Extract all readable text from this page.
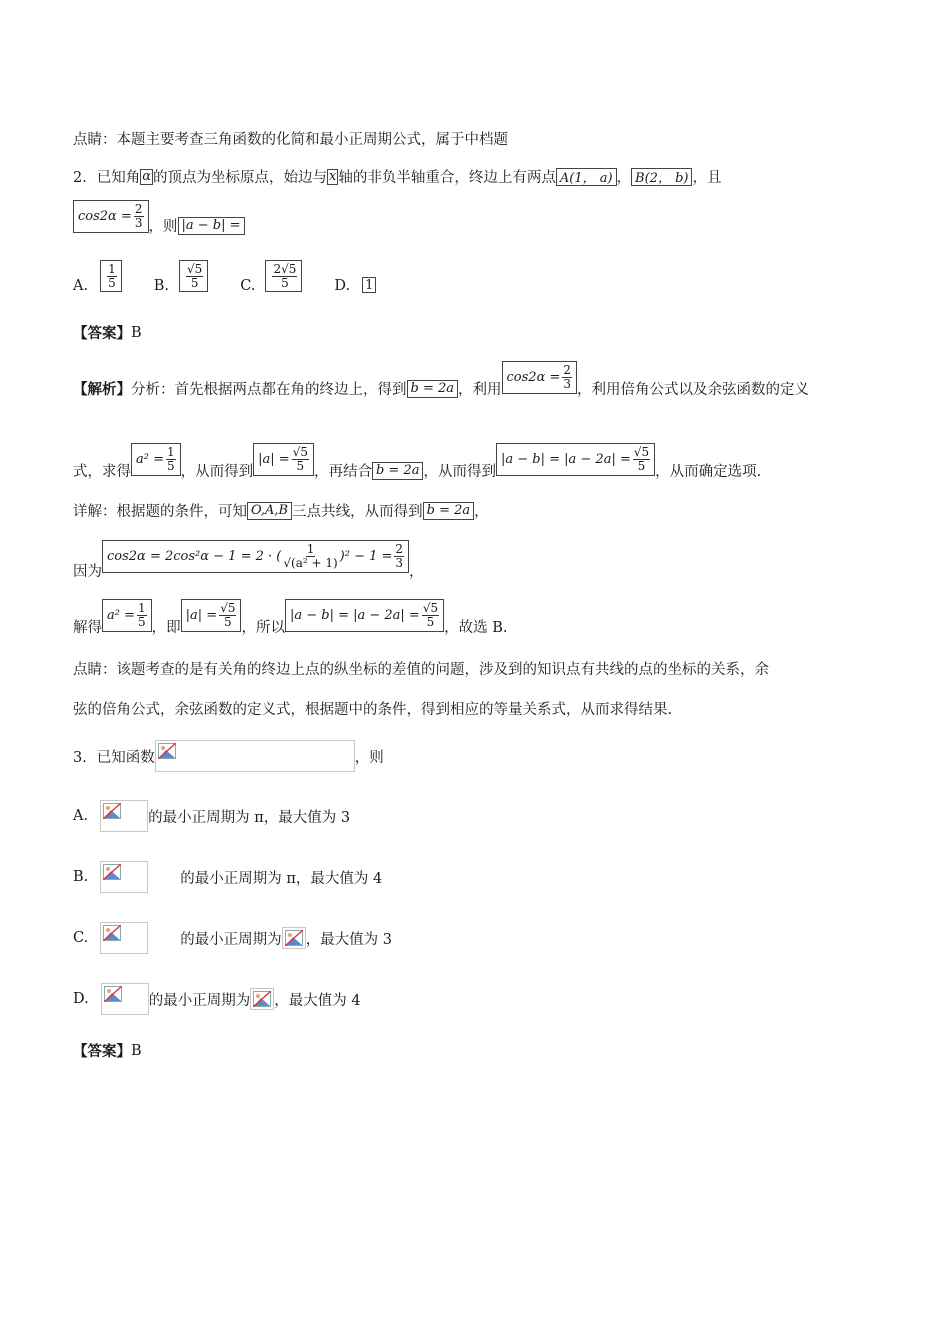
点睛：本题主要考查三角函数的化简和最小正周期公式，属于中档题
2．已知角 α 的顶点为坐标原点，始边与 x 轴的非负半轴重合，终边上有两点 A(1， a) ， B(2， b) ，且
$\cos 2\alpha = \frac{2}{3}$ ，则 |a − b| =
A. $\frac{1}{5}$	B. $\frac{√5}{5}$	C. $\frac{2√5}{5}$	D. 1
【答案】 B
【解析】 分析：首先根据两点都在角的终边上，得到 b = 2a ，利用
$\cos 2\alpha = \frac{2}{3}$ ，利用倍角公式以及余弦函数的定义
式，求得
$a^2 = \frac{1}{5}$ ，从而得到
$|a| = \frac{√5}{5}$ ，再结合 b = 2a ，从而得到
$|a - b| = |a - 2a| = \frac{√5}{5}$ ，从而确定选项.
详解：根据题的条件，可知 O,A,B 三点共线，从而得到 b = 2a ，
因为
cos2α = 2cos²α − 1 = 2 · ( $\frac{1}{\text{√(a² + 1)}} )^2 - 1 = \frac{2}{3}$
，
解得
$a^2 = \frac{1}{5}$ ，即
$|a| = \frac{√5}{5}$ ，所以
$|a - b| = |a - 2a| = \frac{√5}{5}$ ，故选 B.
点睛：该题考查的是有关角的终边上点的纵坐标的差值的问题，涉及到的知识点有共线的点的坐标的关系，余
弦的倍角公式，余弦函数的定义式，根据题中的条件，得到相应的等量关系式，从而求得结果.
3．已知函数	，则
A.	的最小正周期为 π，最大值为 3
B.	的最小正周期为 π，最大值为 4
C.	的最小正周期为 ，最大值为 3
D.	的最小正周期为 ，最大值为 4
【答案】 B
